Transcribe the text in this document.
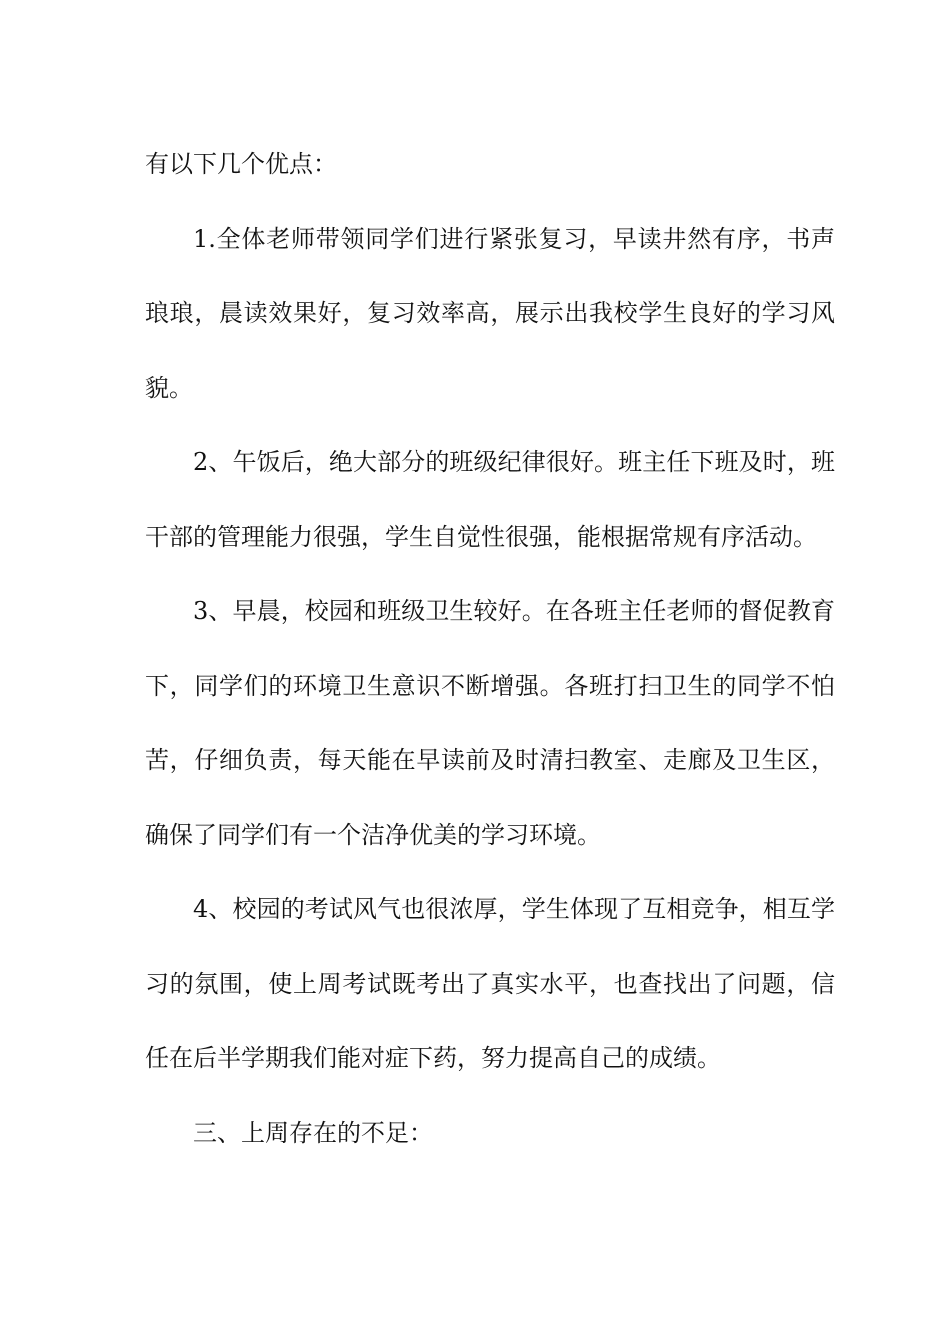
有以下几个优点：

1.全体老师带领同学们进行紧张复习，早读井然有序，书声琅琅，晨读效果好，复习效率高，展示出我校学生良好的学习风貌。

2、午饭后，绝大部分的班级纪律很好。班主任下班及时，班干部的管理能力很强，学生自觉性很强，能根据常规有序活动。

3、早晨，校园和班级卫生较好。在各班主任老师的督促教育下，同学们的环境卫生意识不断增强。各班打扫卫生的同学不怕苦，仔细负责，每天能在早读前及时清扫教室、走廊及卫生区，确保了同学们有一个洁净优美的学习环境。

4、校园的考试风气也很浓厚，学生体现了互相竞争，相互学习的氛围，使上周考试既考出了真实水平，也查找出了问题，信任在后半学期我们能对症下药，努力提高自己的成绩。

三、上周存在的不足：
